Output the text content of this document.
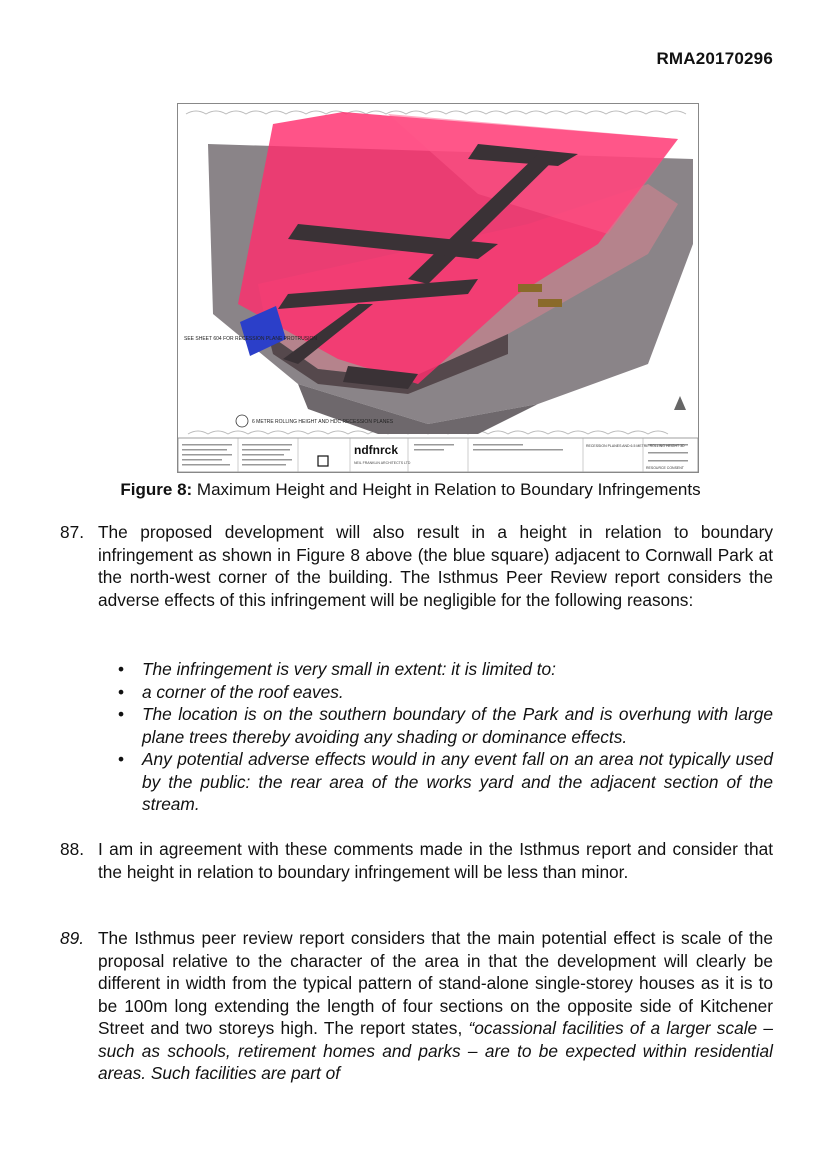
RMA20170296
SEE SHEET 604 FOR RECESSION PLANE PROTRUSION
6 METRE ROLLING HEIGHT AND HDC RECESSION PLANES
ndfnrck
NEIL FRANKLIN ARCHITECTS LTD
RECESSION PLANES AND 6.5 METRE ROLLING HEIGHT 3D
RESOURCE CONSENT
Figure 8: Maximum Height and Height in Relation to Boundary Infringements
87. The proposed development will also result in a height in relation to boundary infringement as shown in Figure 8 above (the blue square) adjacent to Cornwall Park at the north-west corner of the building. The Isthmus Peer Review report considers the adverse effects of this infringement will be negligible for the following reasons:
• The infringement is very small in extent: it is limited to:
• a corner of the roof eaves.
• The location is on the southern boundary of the Park and is overhung with large plane trees thereby avoiding any shading or dominance effects.
• Any potential adverse effects would in any event fall on an area not typically used by the public: the rear area of the works yard and the adjacent section of the stream.
88. I am in agreement with these comments made in the Isthmus report and consider that the height in relation to boundary infringement will be less than minor.
89. The Isthmus peer review report considers that the main potential effect is scale of the proposal relative to the character of the area in that the development will clearly be different in width from the typical pattern of stand-alone single-storey houses as it is to be 100m long extending the length of four sections on the opposite side of Kitchener Street and two storeys high. The report states, “ocassional facilities of a larger scale – such as schools, retirement homes and parks – are to be expected within residential areas. Such facilities are part of
